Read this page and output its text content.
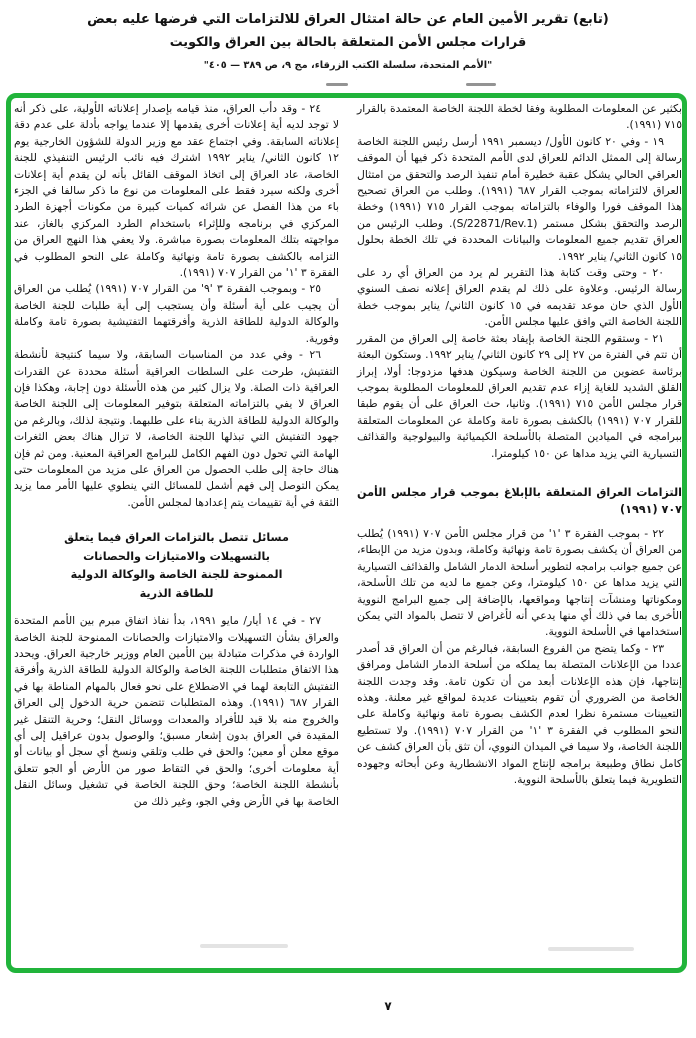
(تابع) تقرير الأمين العام عن حالة امتثال العراق للالتزامات التي فرضها عليه بعض
قرارات مجلس الأمن المتعلقة بالحالة بين العراق والكويت
"الأمم المتحدة، سلسلة الكتب الزرقاء، مج ٩، ص ٣٨٩ — ٤٠٥"

بكثير عن المعلومات المطلوبة وفقا لخطة اللجنة الخاصة المعتمدة بالقرار ٧١٥ (١٩٩١).

١٩ - وفي ٢٠ كانون الأول/ ديسمبر ١٩٩١ أرسل رئيس اللجنة الخاصة رسالة إلى الممثل الدائم للعراق لدى الأمم المتحدة ذكر فيها أن الموقف العراقي الحالي يشكل عقبة خطيرة أمام تنفيذ الرصد والتحقق من امتثال العراق لالتزاماته بموجب القرار ٦٨٧ (١٩٩١). وطلب من العراق تصحيح هذا الموقف فورا والوفاء بالتزاماته بموجب القرار ٧١٥ (١٩٩١) وخطة الرصد والتحقق بشكل مستمر (S/22871/Rev.1). وطلب الرئيس من العراق تقديم جميع المعلومات والبيانات المحددة في تلك الخطة بحلول ١٥ كانون الثاني/ يناير ١٩٩٢.

٢٠ - وحتى وقت كتابة هذا التقرير لم يرد من العراق أي رد على رسالة الرئيس. وعلاوة على ذلك لم يقدم العراق إعلانه نصف السنوي الأول الذي حان موعد تقديمه في ١٥ كانون الثاني/ يناير بموجب خطة اللجنة الخاصة التي وافق عليها مجلس الأمن.

٢١ - وستقوم اللجنة الخاصة بإيفاد بعثة خاصة إلى العراق من المقرر أن تتم في الفترة من ٢٧ إلى ٢٩ كانون الثاني/ يناير ١٩٩٢. وستكون البعثة برئاسة عضوين من اللجنة الخاصة وسيكون هدفها مزدوجا: أولا، إبراز القلق الشديد للغاية إزاء عدم تقديم العراق للمعلومات المطلوبة بموجب قرار مجلس الأمن ٧١٥ (١٩٩١). وثانيا، حث العراق على أن يقوم طبقا للقرار ٧٠٧ (١٩٩١) بالكشف بصورة تامة وكاملة عن المعلومات المتعلقة ببرامجه في الميادين المتصلة بالأسلحة الكيميائية والبيولوجية والقذائف التسيارية التي يزيد مداها عن ١٥٠ كيلومترا.

التزامات العراق المتعلقة بالإبلاغ بموجب قرار مجلس الأمن ٧٠٧ (١٩٩١)

٢٢ - بموجب الفقرة ٣ '١' من قرار مجلس الأمن ٧٠٧ (١٩٩١) يُطلب من العراق أن يكشف بصورة تامة ونهائية وكاملة، وبدون مزيد من الإبطاء، عن جميع جوانب برامجه لتطوير أسلحة الدمار الشامل والقذائف التسيارية التي يزيد مداها عن ١٥٠ كيلومترا، وعن جميع ما لديه من تلك الأسلحة، ومكوناتها ومنشآت إنتاجها ومواقعها، بالإضافة إلى جميع البرامج النووية الأخرى بما في ذلك أي منها يدعي أنه لأغراض لا تتصل بالمواد التي يمكن استخدامها في الأسلحة النووية.

٢٣ - وكما يتضح من الفروع السابقة، فبالرغم من أن العراق قد أصدر عددا من الإعلانات المتصلة بما يملكه من أسلحة الدمار الشامل ومرافق إنتاجها، فإن هذه الإعلانات أبعد من أن تكون تامة. وقد وجدت اللجنة الخاصة من الضروري أن تقوم بتعيينات عديدة لمواقع غير معلنة. وهذه التعيينات مستمرة نظرا لعدم الكشف بصورة تامة ونهائية وكاملة على النحو المطلوب في الفقرة ٣ '١' من القرار ٧٠٧ (١٩٩١). ولا تستطيع اللجنة الخاصة، ولا سيما في الميدان النووي، أن تثق بأن العراق كشف عن كامل نطاق وطبيعة برامجه لإنتاج المواد الانشطارية وعن أبحاثه وجهوده التطويرية فيما يتعلق بالأسلحة النووية.

٢٤ - وقد دأب العراق، منذ قيامه بإصدار إعلاناته الأولية، على ذكر أنه لا توجد لديه أية إعلانات أخرى يقدمها إلا عندما يواجه بأدلة على عدم دقة إعلاناته السابقة. وفي اجتماع عقد مع وزير الدولة للشؤون الخارجية يوم ١٢ كانون الثاني/ يناير ١٩٩٢ اشترك فيه نائب الرئيس التنفيذي للجنة الخاصة، عاد العراق إلى اتخاذ الموقف القائل بأنه لن يقدم أية إعلانات أخرى ولكنه سيرد فقط على المعلومات من نوع ما ذكر سالفا في الجزء باء من هذا الفصل عن شرائه كميات كبيرة من مكونات أجهزة الطرد المركزي في برنامجه وللإثراء باستخدام الطرد المركزي بالغاز، عند مواجهته بتلك المعلومات بصورة مباشرة. ولا يعفي هذا النهج العراق من التزامه بالكشف بصورة تامة ونهائية وكاملة على النحو المطلوب في الفقرة ٣ '١' من القرار ٧٠٧ (١٩٩١).

٢٥ - وبموجب الفقرة ٣ '٩' من القرار ٧٠٧ (١٩٩١) يُطلب من العراق أن يجيب على أية أسئلة وأن يستجيب إلى أية طلبات للجنة الخاصة والوكالة الدولية للطاقة الذرية وأفرقتهما التفتيشية بصورة تامة وكاملة وفورية.

٢٦ - وفي عدد من المناسبات السابقة، ولا سيما كنتيجة لأنشطة التفتيش، طرحت على السلطات العراقية أسئلة محددة عن القدرات العراقية ذات الصلة. ولا يزال كثير من هذه الأسئلة دون إجابة، وهكذا فإن العراق لا يفي بالتزاماته المتعلقة بتوفير المعلومات إلى اللجنة الخاصة والوكالة الدولية للطاقة الذرية بناء على طلبهما. ونتيجة لذلك، وبالرغم من جهود التفتيش التي تبذلها اللجنة الخاصة، لا تزال هناك بعض الثغرات الهامة التي تحول دون الفهم الكامل للبرامج العراقية المعنية. ومن ثم فإن هناك حاجة إلى طلب الحصول من العراق على مزيد من المعلومات حتى يمكن التوصل إلى فهم أشمل للمسائل التي ينطوي عليها الأمر مما يزيد الثقة في أية تقييمات يتم إعدادها لمجلس الأمن.

مسائل تتصل بالتزامات العراق فيما يتعلق بالتسهيلات والامتيازات والحصانات الممنوحة للجنة الخاصة والوكالة الدولية للطاقة الذرية

٢٧ - في ١٤ أيار/ مايو ١٩٩١، بدأ نفاذ اتفاق مبرم بين الأمم المتحدة والعراق بشأن التسهيلات والامتيازات والحصانات الممنوحة للجنة الخاصة الواردة في مذكرات متبادلة بين الأمين العام ووزير خارجية العراق. ويحدد هذا الاتفاق متطلبات اللجنة الخاصة والوكالة الدولية للطاقة الذرية وأفرقة التفتيش التابعة لهما في الاضطلاع على نحو فعال بالمهام المناطة بها في القرار ٦٨٧ (١٩٩١). وهذه المتطلبات تتضمن حرية الدخول إلى العراق والخروج منه بلا قيد للأفراد والمعدات ووسائل النقل؛ وحرية التنقل غير المقيدة في العراق بدون إشعار مسبق؛ والوصول بدون عراقيل إلى أي موقع معلن أو معين؛ والحق في طلب وتلقي ونسخ أي سجل أو بيانات أو أية معلومات أخرى؛ والحق في التقاط صور من الأرض أو الجو تتعلق بأنشطة اللجنة الخاصة؛ وحق اللجنة الخاصة في تشغيل وسائل النقل الخاصة بها في الأرض وفي الجو، وغير ذلك من

٧
